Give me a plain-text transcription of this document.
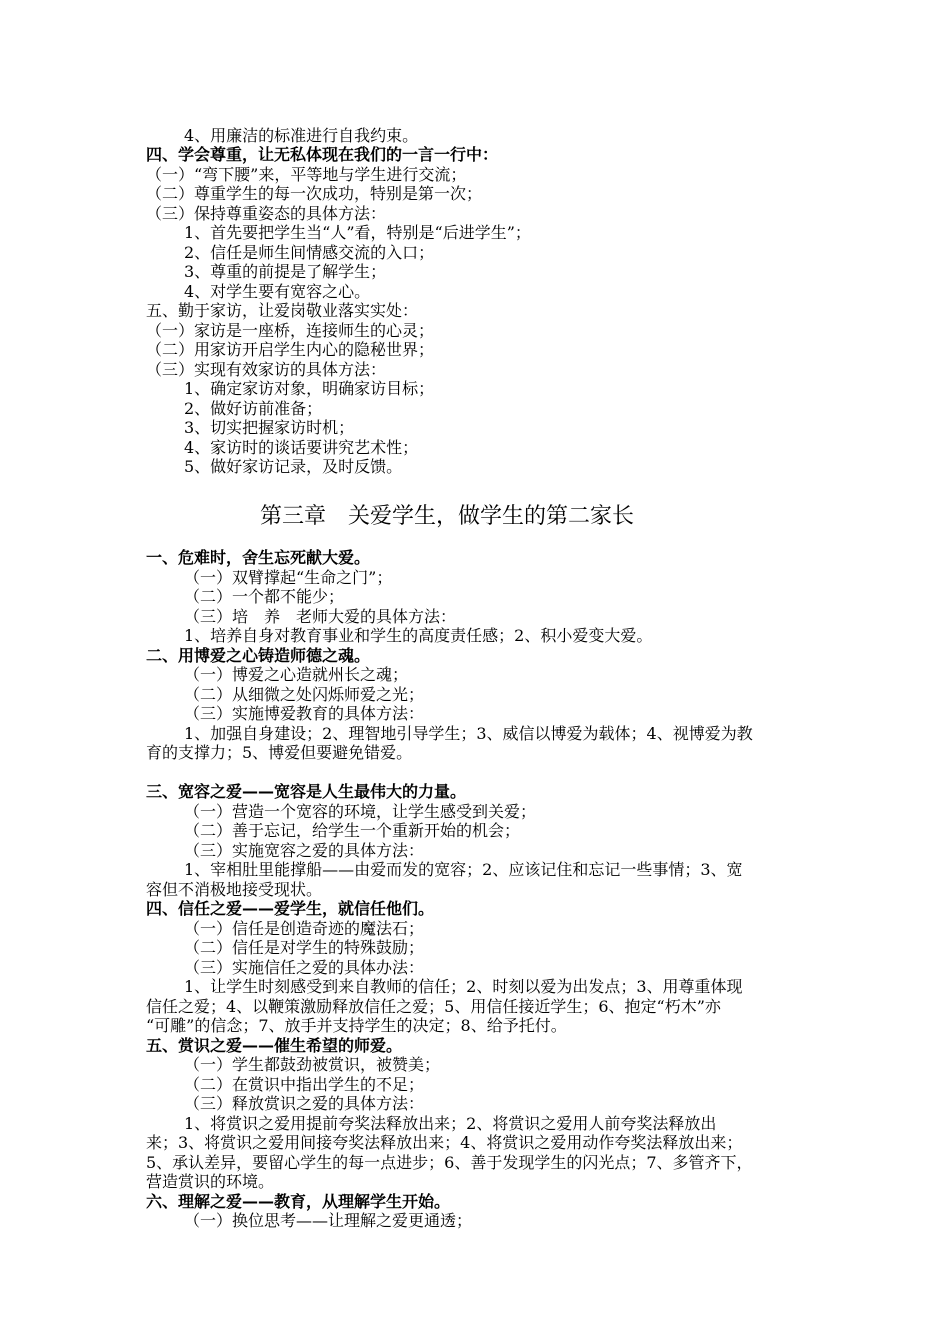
4、用廉洁的标准进行自我约束。
四、学会尊重，让无私体现在我们的一言一行中：
（一）“弯下腰”来，平等地与学生进行交流；
（二）尊重学生的每一次成功，特别是第一次；
（三）保持尊重姿态的具体方法：
1、首先要把学生当“人”看，特别是“后进学生”；
2、信任是师生间情感交流的入口；
3、尊重的前提是了解学生；
4、对学生要有宽容之心。
五、勤于家访，让爱岗敬业落实实处：
（一）家访是一座桥，连接师生的心灵；
（二）用家访开启学生内心的隐秘世界；
（三）实现有效家访的具体方法：
1、确定家访对象，明确家访目标；
2、做好访前准备；
3、切实把握家访时机；
4、家访时的谈话要讲究艺术性；
5、做好家访记录，及时反馈。
第三章　关爱学生，做学生的第二家长
一、危难时，舍生忘死献大爱。
（一）双臂撑起“生命之门”；
（二）一个都不能少；
（三）培　养　老师大爱的具体方法：
1、培养自身对教育事业和学生的高度责任感；2、积小爱变大爱。
二、用博爱之心铸造师德之魂。
（一）博爱之心造就州长之魂；
（二）从细微之处闪烁师爱之光；
（三）实施博爱教育的具体方法：
1、加强自身建设；2、理智地引导学生；3、威信以博爱为载体；4、视博爱为教
育的支撑力；5、博爱但要避免错爱。
三、宽容之爱——宽容是人生最伟大的力量。
（一）营造一个宽容的环境，让学生感受到关爱；
（二）善于忘记，给学生一个重新开始的机会；
（三）实施宽容之爱的具体方法：
1、宰相肚里能撑船——由爱而发的宽容；2、应该记住和忘记一些事情；3、宽
容但不消极地接受现状。
四、信任之爱——爱学生，就信任他们。
（一）信任是创造奇迹的魔法石；
（二）信任是对学生的特殊鼓励；
（三）实施信任之爱的具体办法：
1、让学生时刻感受到来自教师的信任；2、时刻以爱为出发点；3、用尊重体现
信任之爱；4、以鞭策激励释放信任之爱；5、用信任接近学生；6、抱定“朽木”亦
“可雕”的信念；7、放手并支持学生的决定；8、给予托付。
五、赏识之爱——催生希望的师爱。
（一）学生都鼓劲被赏识，被赞美；
（二）在赏识中指出学生的不足；
（三）释放赏识之爱的具体方法：
1、将赏识之爱用提前夸奖法释放出来；2、将赏识之爱用人前夸奖法释放出
来；3、将赏识之爱用间接夸奖法释放出来；4、将赏识之爱用动作夸奖法释放出来；
5、承认差异，要留心学生的每一点进步；6、善于发现学生的闪光点；7、多管齐下，
营造赏识的环境。
六、理解之爱——教育，从理解学生开始。
（一）换位思考——让理解之爱更通透；
